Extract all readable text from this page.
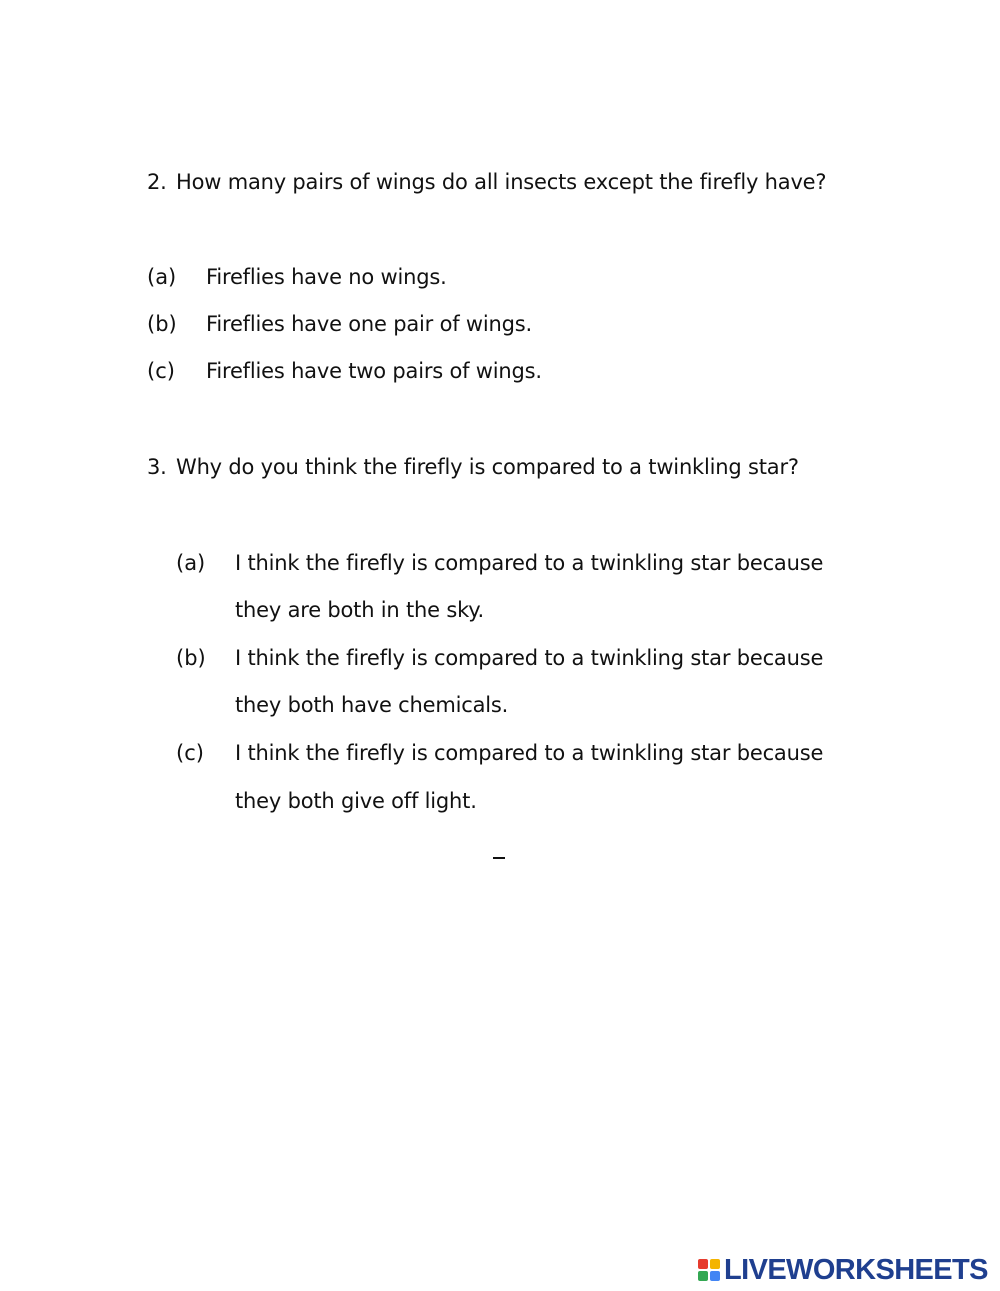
2. How many pairs of wings do all insects except the firefly have?
(a) Fireflies have no wings.
(b) Fireflies have one pair of wings.
(c) Fireflies have two pairs of wings.
3. Why do you think the firefly is compared to a twinkling star?
(a) I think the firefly is compared to a twinkling star because
they are both in the sky.
(b) I think the firefly is compared to a twinkling star because
they both have chemicals.
(c) I think the firefly is compared to a twinkling star because
they both give off light.
LIVEWORKSHEETS
